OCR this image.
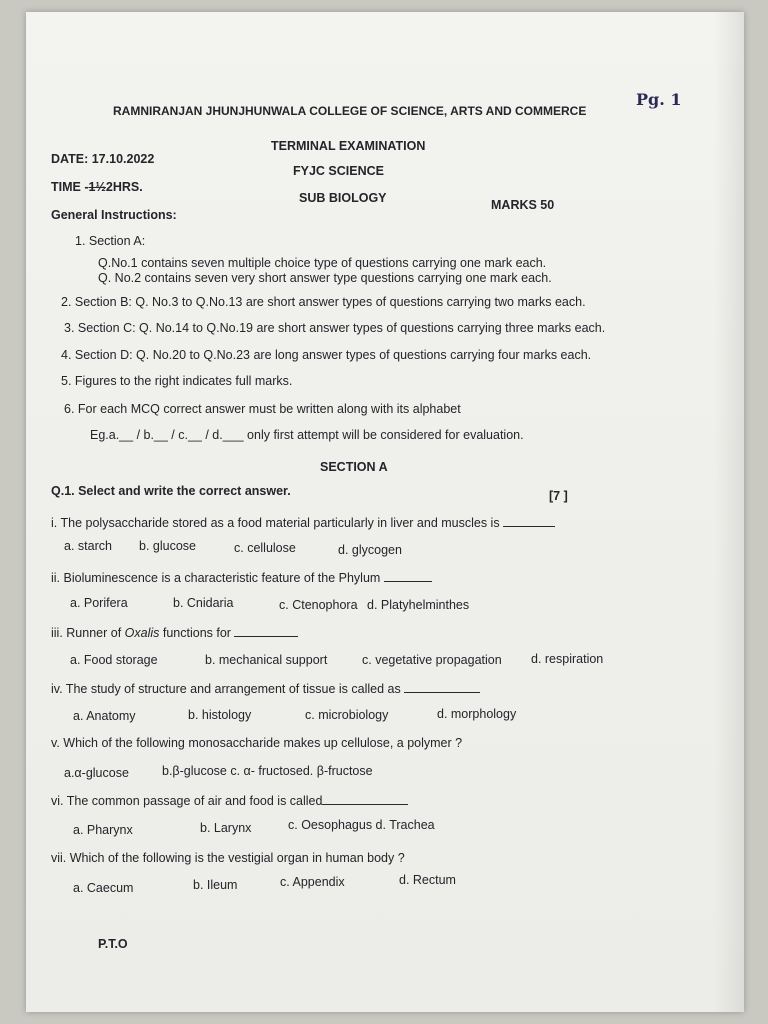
Pg. 1
RAMNIRANJAN JHUNJHUNWALA COLLEGE OF SCIENCE, ARTS AND COMMERCE
TERMINAL EXAMINATION
DATE: 17.10.2022
FYJC SCIENCE
TIME -1½2HRS.
SUB BIOLOGY	MARKS 50
General Instructions:
1. Section A:
Q.No.1 contains seven multiple choice type of questions carrying one mark each.
Q. No.2 contains seven very short answer type questions carrying one mark each.
2. Section B: Q. No.3 to Q.No.13 are short answer types of questions carrying two marks each.
3. Section C: Q. No.14 to Q.No.19 are short answer types of questions carrying three marks each.
4. Section D: Q. No.20 to Q.No.23 are long answer types of questions carrying four marks each.
5. Figures to the right indicates full marks.
6. For each MCQ correct answer must be written along with its alphabet
Eg.a.__ / b.__ / c.__ / d.___ only first attempt will be considered for evaluation.
SECTION A
Q.1. Select and write the correct answer.	[7 ]
i. The polysaccharide stored as a food material particularly in liver and muscles is
a. starch b. glucose	c. cellulose	d. glycogen
ii. Bioluminescence is a characteristic feature of the Phylum
a. Porifera	b. Cnidaria	c. Ctenophora d. Platyhelminthes
iii. Runner of Oxalis functions for
a. Food storage	b. mechanical support	c. vegetative propagation d. respiration
iv. The study of structure and arrangement of tissue is called as
a. Anatomy	b. histology	c. microbiology	d. morphology
v. Which of the following monosaccharide makes up cellulose, a polymer ?
a.α-glucose	b.β-glucose c. α- fructosed. β-fructose
vi. The common passage of air and food is called
a. Pharynx	b. Larynx	c. Oesophagus d. Trachea
vii. Which of the following is the vestigial organ in human body ?
a. Caecum	b. Ileum	c. Appendix	d. Rectum
P.T.O
